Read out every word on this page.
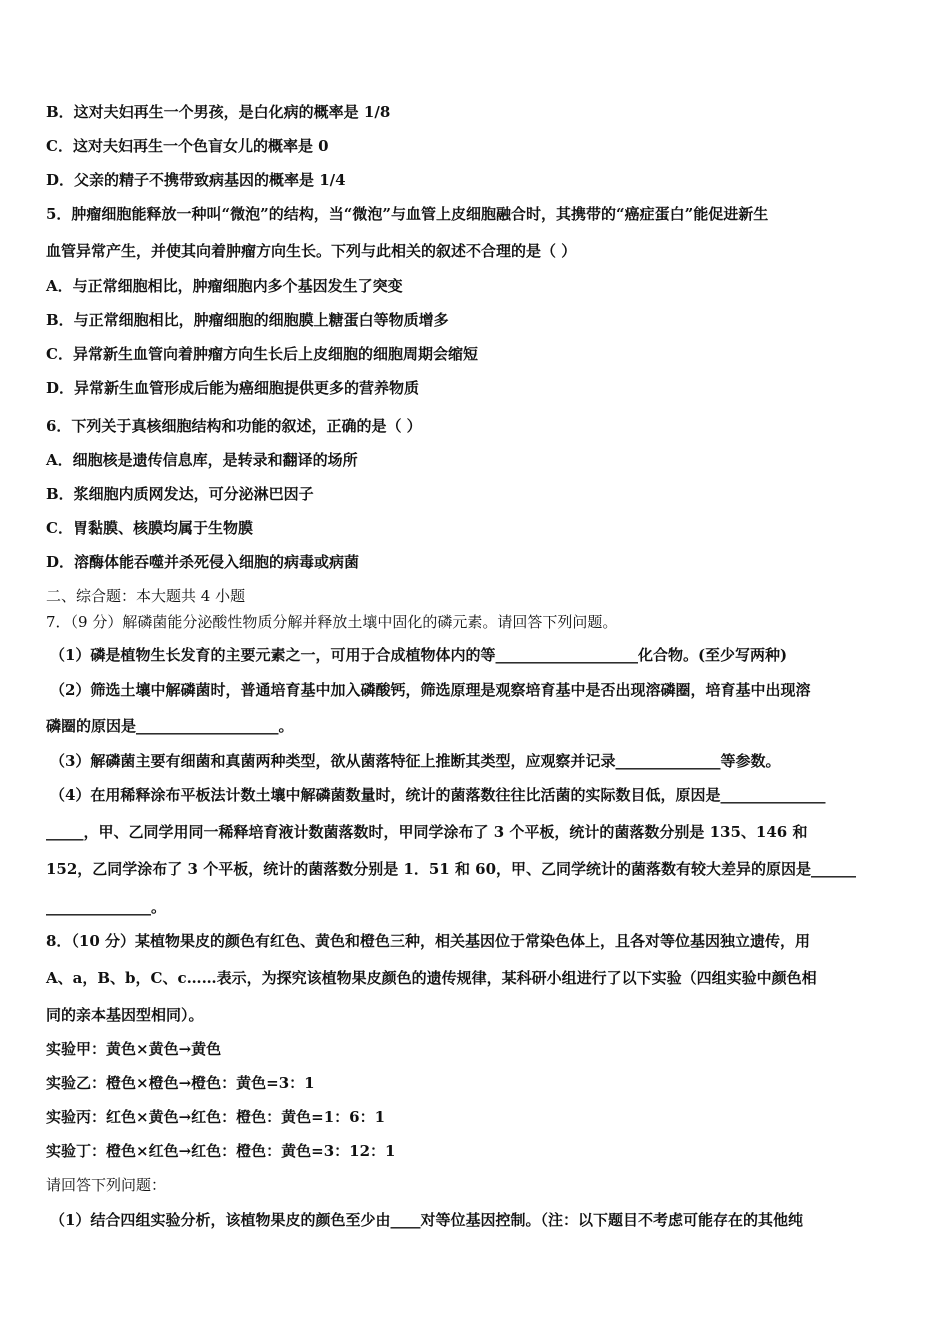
B．这对夫妇再生一个男孩，是白化病的概率是 1/8
C．这对夫妇再生一个色盲女儿的概率是 0
D．父亲的精子不携带致病基因的概率是 1/4
5．肿瘤细胞能释放一种叫“微泡”的结构，当“微泡”与血管上皮细胞融合时，其携带的“癌症蛋白”能促进新生
血管异常产生，并使其向着肿瘤方向生长。下列与此相关的叙述不合理的是（ ）
A．与正常细胞相比，肿瘤细胞内多个基因发生了突变
B．与正常细胞相比，肿瘤细胞的细胞膜上糖蛋白等物质增多
C．异常新生血管向着肿瘤方向生长后上皮细胞的细胞周期会缩短
D．异常新生血管形成后能为癌细胞提供更多的营养物质
6．下列关于真核细胞结构和功能的叙述，正确的是（ ）
A．细胞核是遗传信息库，是转录和翻译的场所
B．浆细胞内质网发达，可分泌淋巴因子
C．胃黏膜、核膜均属于生物膜
D．溶酶体能吞噬并杀死侵入细胞的病毒或病菌
二、综合题：本大题共 4 小题
7．（9 分）解磷菌能分泌酸性物质分解并释放土壤中固化的磷元素。请回答下列问题。
（1）磷是植物生长发育的主要元素之一，可用于合成植物体内的等___________________化合物。(至少写两种)
（2）筛选土壤中解磷菌时，普通培育基中加入磷酸钙，筛选原理是观察培育基中是否出现溶磷圈，培育基中出现溶
磷圈的原因是___________________。
（3）解磷菌主要有细菌和真菌两种类型，欲从菌落特征上推断其类型，应观察并记录______________等参数。
（4）在用稀释涂布平板法计数土壤中解磷菌数量时，统计的菌落数往往比活菌的实际数目低，原因是______________
_____，甲、乙同学用同一稀释培育液计数菌落数时，甲同学涂布了 3 个平板，统计的菌落数分别是 135、146 和
152，乙同学涂布了 3 个平板，统计的菌落数分别是 1．51 和 60，甲、乙同学统计的菌落数有较大差异的原因是______
______________。
8．（10 分）某植物果皮的颜色有红色、黄色和橙色三种，相关基因位于常染色体上，且各对等位基因独立遗传，用
A、a，B、b，C、c……表示，为探究该植物果皮颜色的遗传规律，某科研小组进行了以下实验（四组实验中颜色相
同的亲本基因型相同）。
实验甲：黄色×黄色→黄色
实验乙：橙色×橙色→橙色：黄色=3：1
实验丙：红色×黄色→红色：橙色：黄色=1：6：1
实验丁：橙色×红色→红色：橙色：黄色=3：12：1
请回答下列问题：
（1）结合四组实验分析，该植物果皮的颜色至少由____对等位基因控制。（注：以下题目不考虑可能存在的其他纯
